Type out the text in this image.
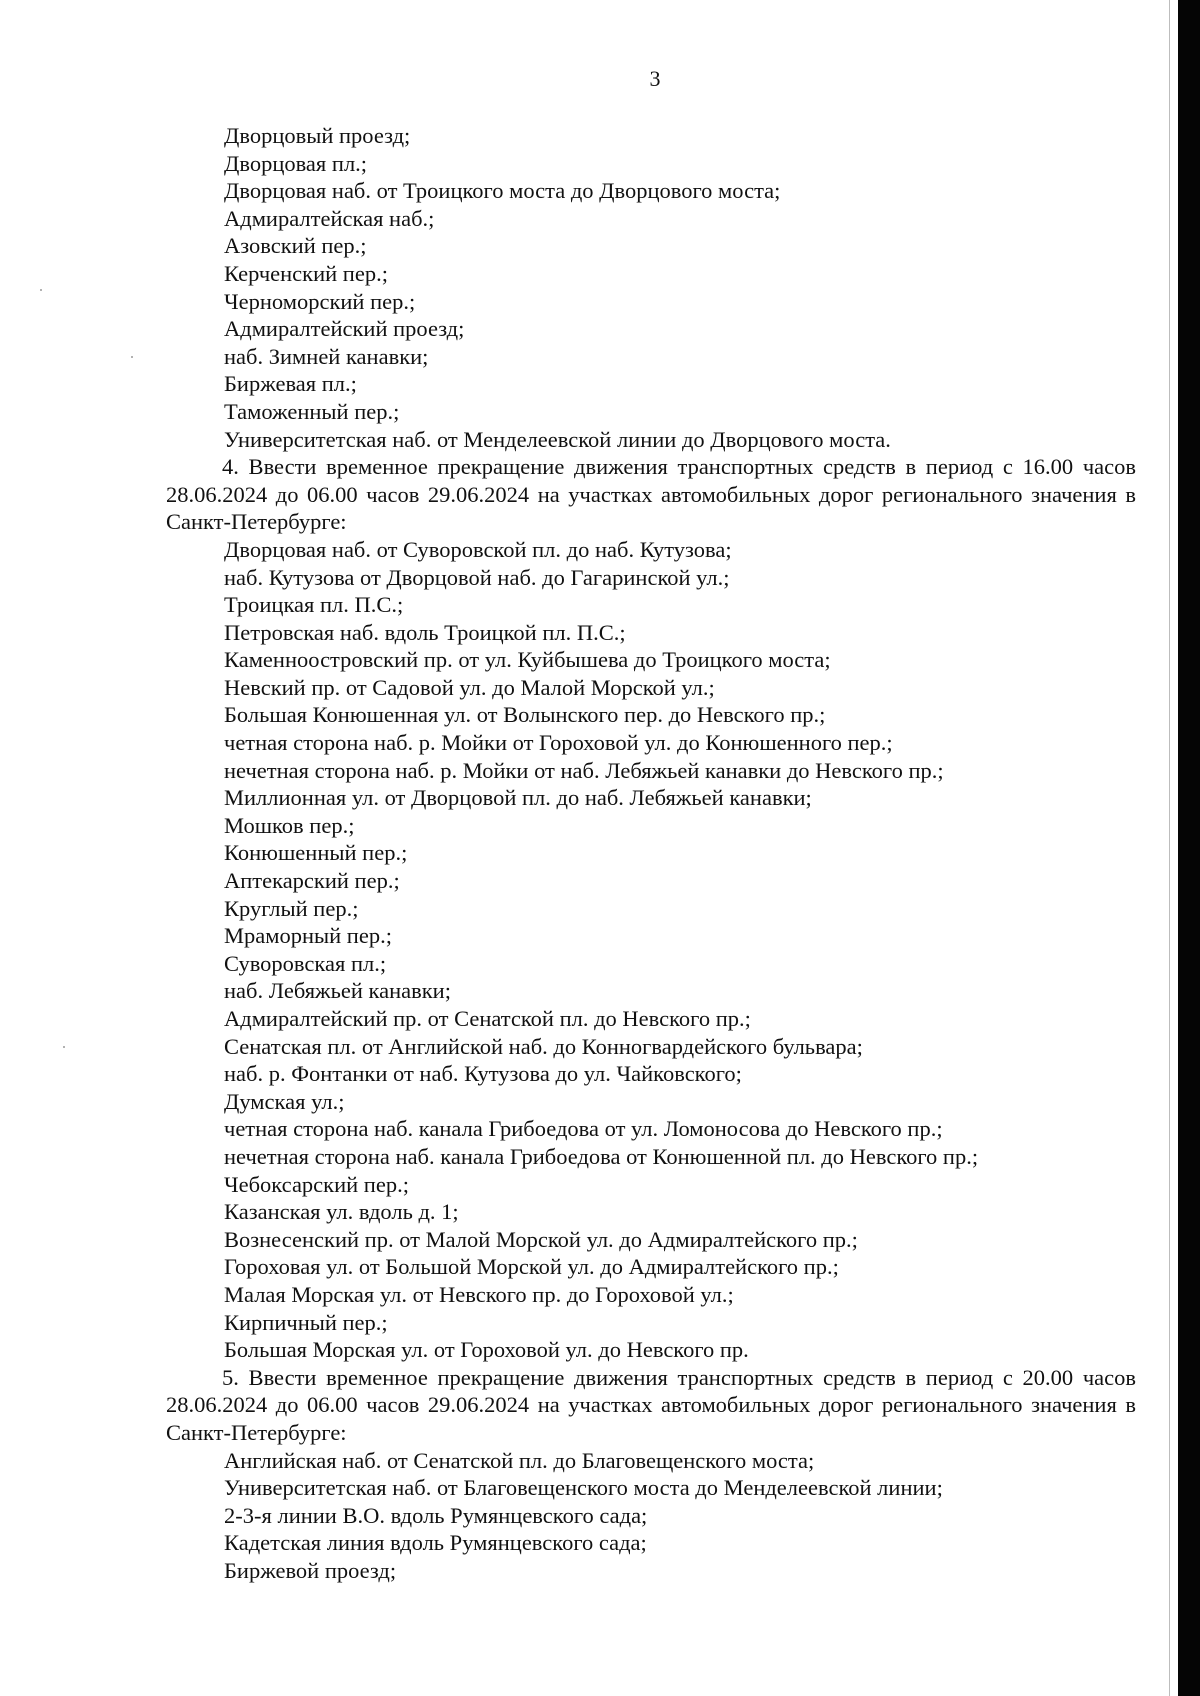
3

Дворцовый проезд;

Дворцовая пл.;

Дворцовая наб. от Троицкого моста до Дворцового моста;

Адмиралтейская наб.;

Азовский пер.;

Керченский пер.;

Черноморский пер.;

Адмиралтейский проезд;

наб. Зимней канавки;

Биржевая пл.;

Таможенный пер.;

Университетская наб. от Менделеевской линии до Дворцового моста.

4. Ввести временное прекращение движения транспортных средств в период с 16.00 часов 28.06.2024 до 06.00 часов 29.06.2024 на участках автомобильных дорог регионального значения в Санкт-Петербурге:

Дворцовая наб. от Суворовской пл. до наб. Кутузова;

наб. Кутузова от Дворцовой наб. до Гагаринской ул.;

Троицкая пл. П.С.;

Петровская наб. вдоль Троицкой пл. П.С.;

Каменноостровский пр. от ул. Куйбышева до Троицкого моста;

Невский пр. от Садовой ул. до Малой Морской ул.;

Большая Конюшенная ул. от Волынского пер. до Невского пр.;

четная сторона наб. р. Мойки от Гороховой ул. до Конюшенного пер.;

нечетная сторона наб. р. Мойки от наб. Лебяжьей канавки до Невского пр.;

Миллионная ул. от Дворцовой пл. до наб. Лебяжьей канавки;

Мошков пер.;

Конюшенный пер.;

Аптекарский пер.;

Круглый пер.;

Мраморный пер.;

Суворовская пл.;

наб. Лебяжьей канавки;

Адмиралтейский пр. от Сенатской пл. до Невского пр.;

Сенатская пл. от Английской наб. до Конногвардейского бульвара;

наб. р. Фонтанки от наб. Кутузова до ул. Чайковского;

Думская ул.;

четная сторона наб. канала Грибоедова от ул. Ломоносова до Невского пр.;

нечетная сторона наб. канала Грибоедова от Конюшенной пл. до Невского пр.;

Чебоксарский пер.;

Казанская ул. вдоль д. 1;

Вознесенский пр. от Малой Морской ул. до Адмиралтейского пр.;

Гороховая ул. от Большой Морской ул. до Адмиралтейского пр.;

Малая Морская ул. от Невского пр. до Гороховой ул.;

Кирпичный пер.;

Большая Морская ул. от Гороховой ул. до Невского пр.

5. Ввести временное прекращение движения транспортных средств в период с 20.00 часов 28.06.2024 до 06.00 часов 29.06.2024 на участках автомобильных дорог регионального значения в Санкт-Петербурге:

Английская наб. от Сенатской пл. до Благовещенского моста;

Университетская наб. от Благовещенского моста до Менделеевской линии;

2-3-я линии В.О. вдоль Румянцевского сада;

Кадетская линия вдоль Румянцевского сада;

Биржевой проезд;
